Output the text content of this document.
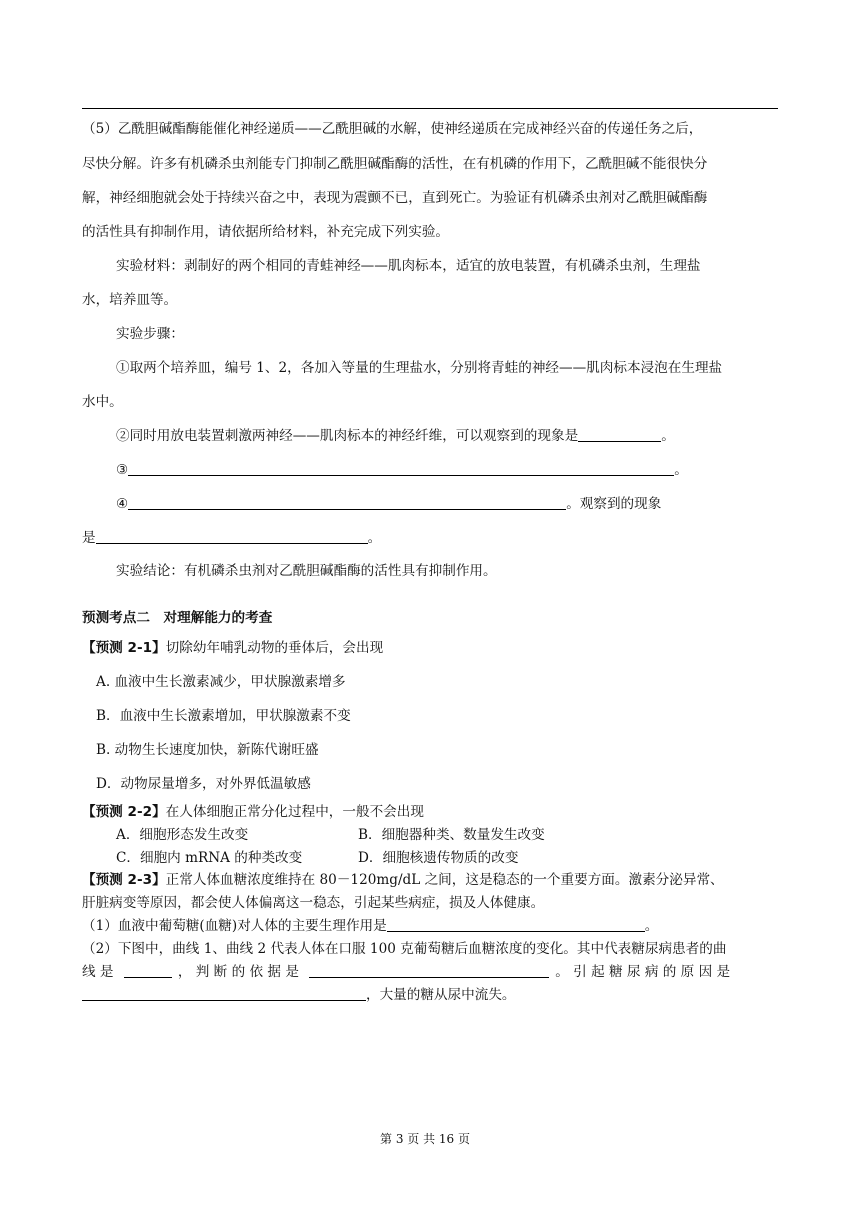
（5）乙酰胆碱酯酶能催化神经递质——乙酰胆碱的水解，使神经递质在完成神经兴奋的传递任务之后，
尽快分解。许多有机磷杀虫剂能专门抑制乙酰胆碱酯酶的活性，在有机磷的作用下，乙酰胆碱不能很快分
解，神经细胞就会处于持续兴奋之中，表现为震颤不已，直到死亡。为验证有机磷杀虫剂对乙酰胆碱酯酶
的活性具有抑制作用，请依据所给材料，补充完成下列实验。
实验材料：剥制好的两个相同的青蛙神经——肌肉标本，适宜的放电装置，有机磷杀虫剂，生理盐
水，培养皿等。
实验步骤：
①取两个培养皿，编号 1、2，各加入等量的生理盐水，分别将青蛙的神经——肌肉标本浸泡在生理盐
水中。
②同时用放电装置刺激两神经——肌肉标本的神经纤维，可以观察到的现象是	。
③	。
④	。观察到的现象
是	。
实验结论：有机磷杀虫剂对乙酰胆碱酯酶的活性具有抑制作用。
预测考点二　对理解能力的考查
【预测 2-1】切除幼年哺乳动物的垂体后，会出现
A. 血液中生长激素减少，甲状腺激素增多
B．血液中生长激素增加，甲状腺激素不变
B. 动物生长速度加快，新陈代谢旺盛
D．动物尿量增多，对外界低温敏感
【预测 2-2】在人体细胞正常分化过程中，一般不会出现
A．细胞形态发生改变	B．细胞器种类、数量发生改变
C．细胞内 mRNA 的种类改变	D．细胞核遗传物质的改变
【预测 2-3】正常人体血糖浓度维持在 80－120mg/dL 之间，这是稳态的一个重要方面。激素分泌异常、
肝脏病变等原因，都会使人体偏离这一稳态，引起某些病症，损及人体健康。
（1）血液中葡萄糖(血糖)对人体的主要生理作用是	。
（2）下图中，曲线 1、曲线 2 代表人体在口服 100 克葡萄糖后血糖浓度的变化。其中代表糖尿病患者的曲
线 是	， 判 断 的 依 据 是	。 引 起 糖 尿 病 的 原 因 是
，大量的糖从尿中流失。
第 3 页 共 16 页
